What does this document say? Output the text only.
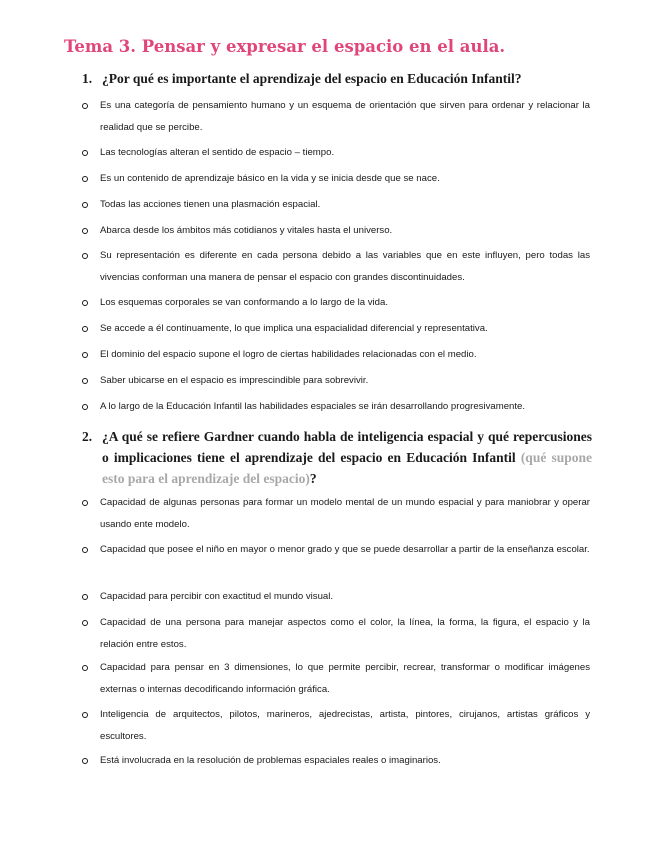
Tema 3. Pensar y expresar el espacio en el aula.
1. ¿Por qué es importante el aprendizaje del espacio en Educación Infantil?
Es una categoría de pensamiento humano y un esquema de orientación que sirven para ordenar y relacionar la realidad que se percibe.
Las tecnologías alteran el sentido de espacio – tiempo.
Es un contenido de aprendizaje básico en la vida y se inicia desde que se nace.
Todas las acciones tienen una plasmación espacial.
Abarca desde los ámbitos más cotidianos y vitales hasta el universo.
Su representación es diferente en cada persona debido a las variables que en este influyen, pero todas las vivencias conforman una manera de pensar el espacio con grandes discontinuidades.
Los esquemas corporales se van conformando a lo largo de la vida.
Se accede a él continuamente, lo que implica una espacialidad diferencial y representativa.
El dominio del espacio supone el logro de ciertas habilidades relacionadas con el medio.
Saber ubicarse en el espacio es imprescindible para sobrevivir.
A lo largo de la Educación Infantil las habilidades espaciales se irán desarrollando progresivamente.
2. ¿A qué se refiere Gardner cuando habla de inteligencia espacial y qué repercusiones o implicaciones tiene el aprendizaje del espacio en Educación Infantil (qué supone esto para el aprendizaje del espacio)?
Capacidad de algunas personas para formar un modelo mental de un mundo espacial y para maniobrar y operar usando ente modelo.
Capacidad que posee el niño en mayor o menor grado y que se puede desarrollar a partir de la enseñanza escolar.
Capacidad para percibir con exactitud el mundo visual.
Capacidad de una persona para manejar aspectos como el color, la línea, la forma, la figura, el espacio y la relación entre estos.
Capacidad para pensar en 3 dimensiones, lo que permite percibir, recrear, transformar o modificar imágenes externas o internas decodificando información gráfica.
Inteligencia de arquitectos, pilotos, marineros, ajedrecistas, artista, pintores, cirujanos, artistas gráficos y escultores.
Está involucrada en la resolución de problemas espaciales reales o imaginarios.
